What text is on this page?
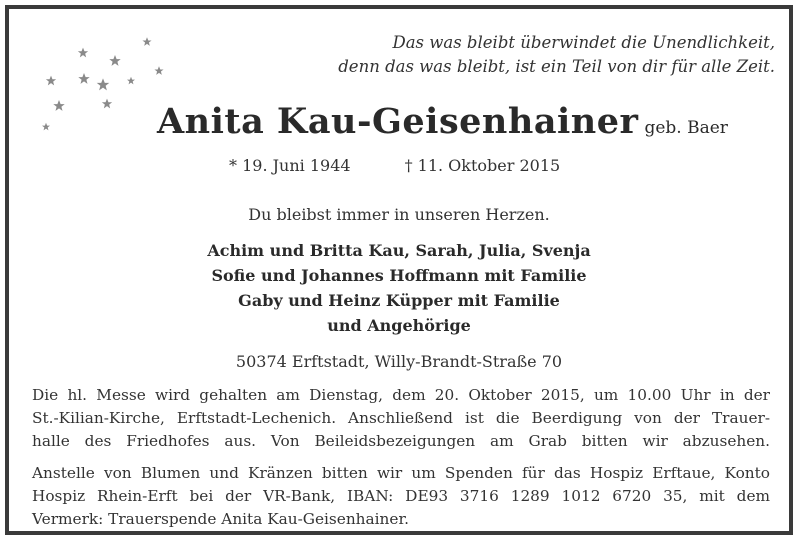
Das was bleibt überwindet die Unendlichkeit,
denn das was bleibt, ist ein Teil von dir für alle Zeit.
Anita Kau-Geisenhainer geb. Baer
* 19. Juni 1944	† 11. Oktober 2015
Du bleibst immer in unseren Herzen.
Achim und Britta Kau, Sarah, Julia, Svenja
Sofie und Johannes Hoffmann mit Familie
Gaby und Heinz Küpper mit Familie
und Angehörige
50374 Erftstadt, Willy-Brandt-Straße 70
Die hl. Messe wird gehalten am Dienstag, dem 20. Oktober 2015, um 10.00 Uhr in der
St.-Kilian-Kirche, Erftstadt-Lechenich. Anschließend ist die Beerdigung von der Trauer-
halle des Friedhofes aus. Von Beileidsbezeigungen am Grab bitten wir abzusehen.
Anstelle von Blumen und Kränzen bitten wir um Spenden für das Hospiz Erftaue, Konto
Hospiz Rhein-Erft bei der VR-Bank, IBAN: DE93 3716 1289 1012 6720 35, mit dem
Vermerk: Trauerspende Anita Kau-Geisenhainer.
